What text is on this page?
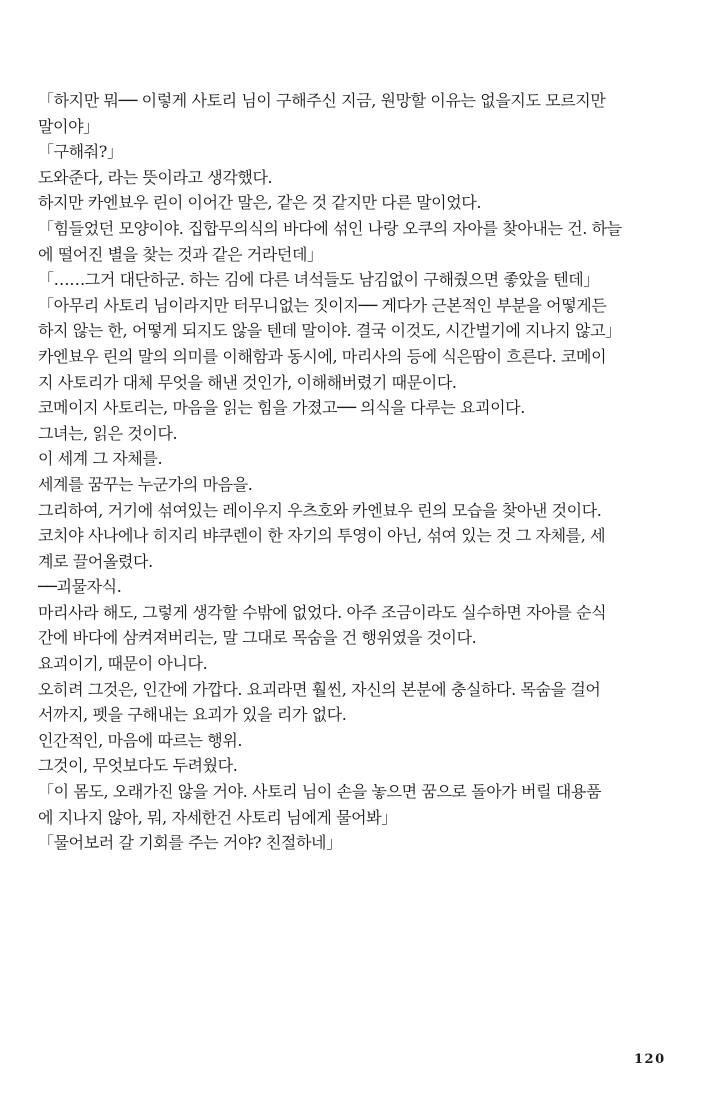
「하지만 뭐── 이렇게 사토리 님이 구해주신 지금, 원망할 이유는 없을지도 모르지만
말이야」
「구해줘?」
도와준다, 라는 뜻이라고 생각했다.
하지만 카엔뵤우 린이 이어간 말은, 같은 것 같지만 다른 말이었다.
「힘들었던 모양이야. 집합무의식의 바다에 섞인 나랑 오쿠의 자아를 찾아내는 건. 하늘
에 떨어진 별을 찾는 것과 같은 거라던데」
「……그거 대단하군. 하는 김에 다른 녀석들도 남김없이 구해줬으면 좋았을 텐데」
「아무리 사토리 님이라지만 터무니없는 짓이지── 게다가 근본적인 부분을 어떻게든
하지 않는 한, 어떻게 되지도 않을 텐데 말이야. 결국 이것도, 시간벌기에 지나지 않고」
카엔뵤우 린의 말의 의미를 이해함과 동시에, 마리사의 등에 식은땀이 흐른다. 코메이
지 사토리가 대체 무엇을 해낸 것인가, 이해해버렸기 때문이다.
코메이지 사토리는, 마음을 읽는 힘을 가졌고── 의식을 다루는 요괴이다.
그녀는, 읽은 것이다.
이 세계 그 자체를.
세계를 꿈꾸는 누군가의 마음을.
그리하여, 거기에 섞여있는 레이우지 우츠호와 카엔뵤우 린의 모습을 찾아낸 것이다.
코치야 사나에나 히지리 뱌쿠렌이 한 자기의 투영이 아닌, 섞여 있는 것 그 자체를, 세
계로 끌어올렸다.
──괴물자식.
마리사라 해도, 그렇게 생각할 수밖에 없었다. 아주 조금이라도 실수하면 자아를 순식
간에 바다에 삼켜져버리는, 말 그대로 목숨을 건 행위였을 것이다.
요괴이기, 때문이 아니다.
오히려 그것은, 인간에 가깝다. 요괴라면 훨씬, 자신의 본분에 충실하다. 목숨을 걸어
서까지, 펫을 구해내는 요괴가 있을 리가 없다.
인간적인, 마음에 따르는 행위.
그것이, 무엇보다도 두려웠다.
「이 몸도, 오래가진 않을 거야. 사토리 님이 손을 놓으면 꿈으로 돌아가 버릴 대용품
에 지나지 않아, 뭐, 자세한건 사토리 님에게 물어봐」
「물어보러 갈 기회를 주는 거야? 친절하네」
120
